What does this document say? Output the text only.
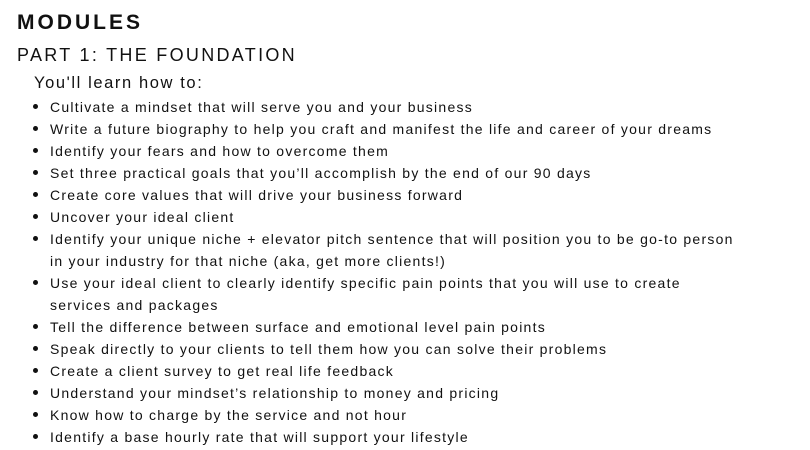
MODULES
PART 1: THE FOUNDATION

You'll learn how to:

Cultivate a mindset that will serve you and your business
Write a future biography to help you craft and manifest the life and career of your dreams
Identify your fears and how to overcome them
Set three practical goals that you’ll accomplish by the end of our 90 days
Create core values that will drive your business forward
Uncover your ideal client
Identify your unique niche + elevator pitch sentence that will position you to be go-to person
in your industry for that niche (aka, get more clients!)
Use your ideal client to clearly identify specific pain points that you will use to create
services and packages
Tell the difference between surface and emotional level pain points
Speak directly to your clients to tell them how you can solve their problems
Create a client survey to get real life feedback
Understand your mindset’s relationship to money and pricing
Know how to charge by the service and not hour
Identify a base hourly rate that will support your lifestyle
